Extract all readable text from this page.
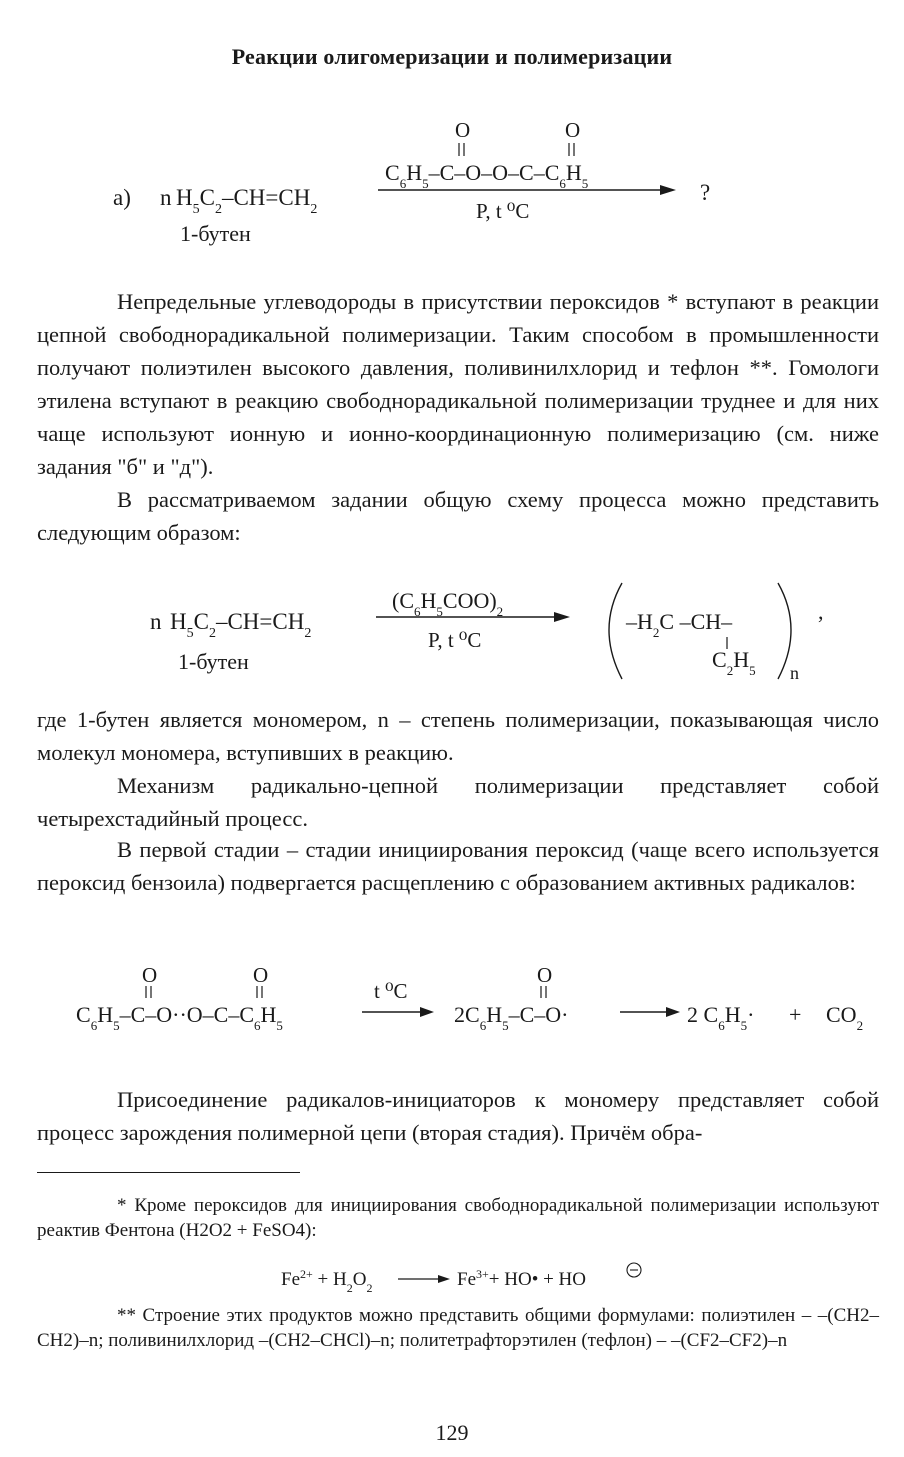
Реакции олигомеризации и полимеризации
а) n $H_5C_2-CH=CH_2$
1-бутен
O	O
$C_6H_5-C-O-O-C-C_6H_5$
P, t ⁰C
?

Непредельные углеводороды в присутствии пероксидов * вступают в реакции цепной свободнорадикальной полимеризации. Таким способом в промышленности получают полиэтилен высокого давления, поливинилхлорид и тефлон **. Гомологи этилена вступают в реакцию свободнорадикальной полимеризации труднее и для них чаще используют ионную и ионно-координационную полимеризацию (см. ниже задания "б" и "д").

В рассматриваемом задании общую схему процесса можно представить следующим образом:

n $H_5C_2-CH=CH_2$
1-бутен
$(C_6H_5COO)_2$
P, t ⁰C
$-H_2C$ –CH–
$C_2H_5$ n
,

где 1-бутен является мономером, n – степень полимеризации, показывающая число молекул мономера, вступивших в реакцию.

Механизм радикально-цепной полимеризации представляет собой четырехстадийный процесс.

В первой стадии – стадии инициирования пероксид (чаще всего используется пероксид бензоила) подвергается расщеплению с образованием активных радикалов:

O	O	O
$C_6H_5-C-O\cdot\cdot O-C-C_6H_5$
t ⁰C
$2C_6H_5-C-O\cdot$	2 $C_6H_5\cdot + CO_2$

Присоединение радикалов-инициаторов к мономеру представляет собой процесс зарождения полимерной цепи (вторая стадия). Причём обра-

* Кроме пероксидов для инициирования свободнорадикальной полимеризации используют реактив Фентона (H2O2 + FeSO4):

$Fe^{2+} + H_2O_2$	$Fe^{3+}+$ HO• + HO

** Строение этих продуктов можно представить общими формулами: полиэтилен – –(CH2–CH2)–n; поливинилхлорид –(CH2–CHCl)–n; политетрафторэтилен (тефлон) – –(CF2–CF2)–n

129
